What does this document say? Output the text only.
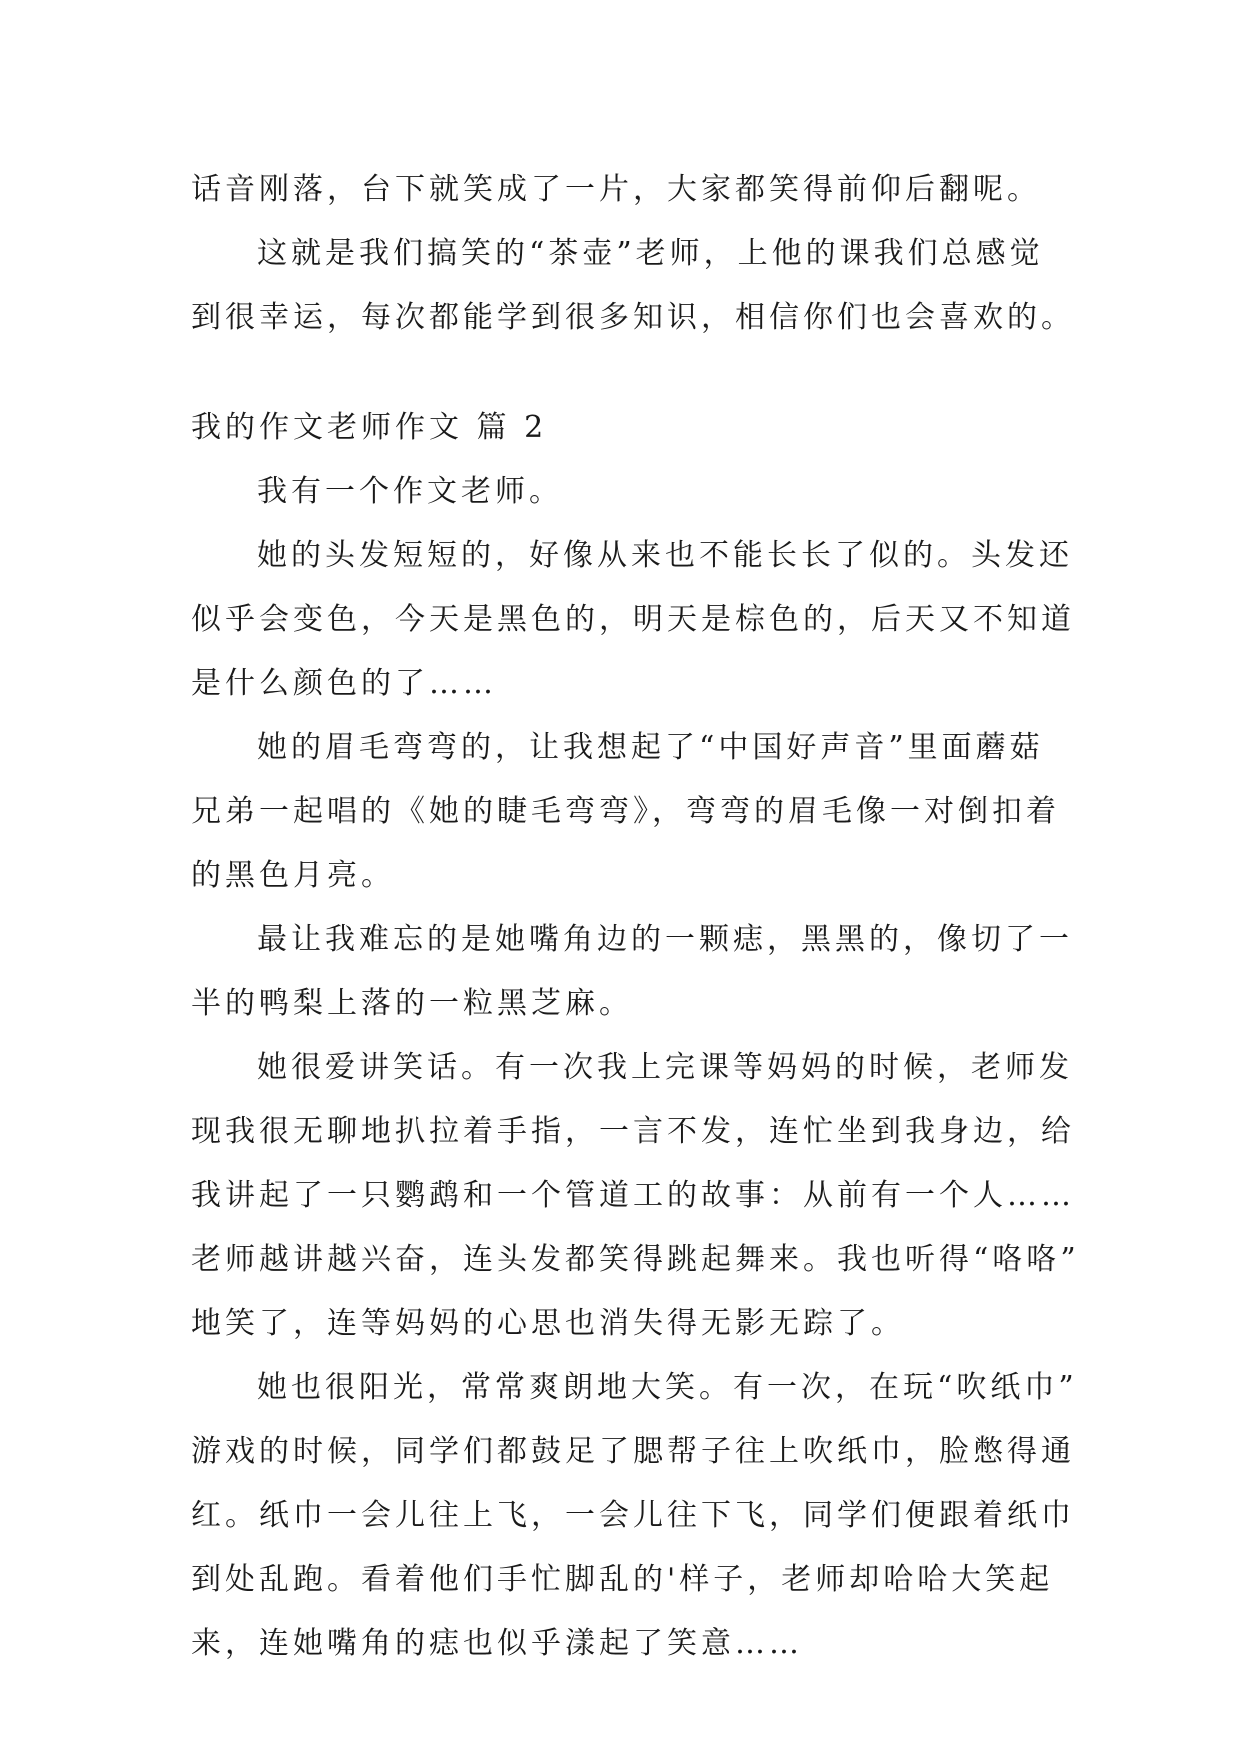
话音刚落，台下就笑成了一片，大家都笑得前仰后翻呢。
这就是我们搞笑的“茶壶”老师，上他的课我们总感觉
到很幸运，每次都能学到很多知识，相信你们也会喜欢的。
我的作文老师作文 篇 2
我有一个作文老师。
她的头发短短的，好像从来也不能长长了似的。头发还
似乎会变色，今天是黑色的，明天是棕色的，后天又不知道
是什么颜色的了……
她的眉毛弯弯的，让我想起了“中国好声音”里面蘑菇
兄弟一起唱的《她的睫毛弯弯》，弯弯的眉毛像一对倒扣着
的黑色月亮。
最让我难忘的是她嘴角边的一颗痣，黑黑的，像切了一
半的鸭梨上落的一粒黑芝麻。
她很爱讲笑话。有一次我上完课等妈妈的时候，老师发
现我很无聊地扒拉着手指，一言不发，连忙坐到我身边，给
我讲起了一只鹦鹉和一个管道工的故事：从前有一个人……
老师越讲越兴奋，连头发都笑得跳起舞来。我也听得“咯咯”
地笑了，连等妈妈的心思也消失得无影无踪了。
她也很阳光，常常爽朗地大笑。有一次，在玩“吹纸巾”
游戏的时候，同学们都鼓足了腮帮子往上吹纸巾，脸憋得通
红。纸巾一会儿往上飞，一会儿往下飞，同学们便跟着纸巾
到处乱跑。看着他们手忙脚乱的'样子，老师却哈哈大笑起
来，连她嘴角的痣也似乎漾起了笑意……
